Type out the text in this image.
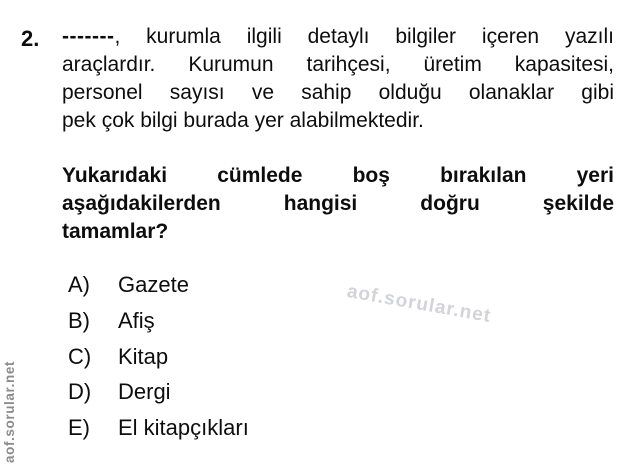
2. -------, kurumla ilgili detaylı bilgiler içeren yazılı
araçlardır. Kurumun tarihçesi, üretim kapasitesi,
personel sayısı ve sahip olduğu olanaklar gibi
pek çok bilgi burada yer alabilmektedir.
Yukarıdaki cümlede boş bırakılan yeri
aşağıdakilerden hangisi doğru şekilde
tamamlar?
A)	Gazete
B)	Afiş
C)	Kitap
D)	Dergi
E)	El kitapçıkları
aof.sorular.net
aof.sorular.net
